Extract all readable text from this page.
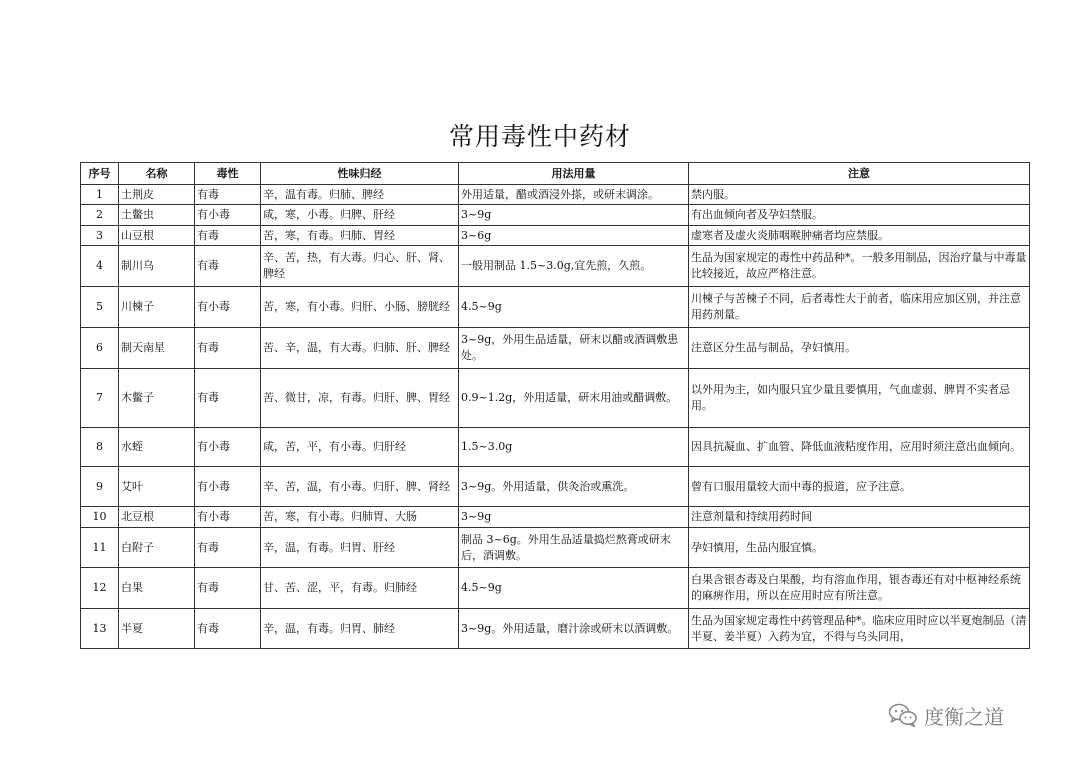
常用毒性中药材
序号	名称	毒性	性味归经	用法用量	注意
1	土荆皮	有毒	辛，温有毒。归肺、脾经	外用适量，醋或酒浸外搽，或研末调涂。	禁内服。
2	土鳖虫	有小毒	咸，寒，小毒。归脾、肝经	3~9g	有出血倾向者及孕妇禁服。
3	山豆根	有毒	苦，寒，有毒。归肺、胃经	3~6g	虚寒者及虚火炎肺咽喉肿痛者均应禁服。
4	制川乌	有毒	辛、苦，热，有大毒。归心、肝、肾、脾经	一般用制品 1.5~3.0g,宜先煎，久煎。	生品为国家规定的毒性中药品种*。一般多用制品，因治疗量与中毒量比较接近，故应严格注意。
5	川楝子	有小毒	苦，寒，有小毒。归肝、小肠、膀胱经	4.5~9g	川楝子与苦楝子不同，后者毒性大于前者，临床用应加区别，并注意用药剂量。
6	制天南星	有毒	苦、辛，温，有大毒。归肺、肝、脾经	3~9g，外用生品适量，研末以醋或酒调敷患处。	注意区分生品与制品，孕妇慎用。
7	木鳖子	有毒	苦、微甘，凉，有毒。归肝、脾、胃经	0.9~1.2g，外用适量，研末用油或醋调敷。	以外用为主，如内服只宜少量且要慎用，气血虚弱、脾胃不实者忌用。
8	水蛭	有小毒	咸，苦，平，有小毒。归肝经	1.5~3.0g	因具抗凝血、扩血管、降低血液粘度作用，应用时须注意出血倾向。
9	艾叶	有小毒	辛、苦，温，有小毒。归肝、脾、肾经	3~9g。外用适量，供灸治或熏洗。	曾有口服用量较大而中毒的报道，应予注意。
10	北豆根	有小毒	苦，寒，有小毒。归肺胃、大肠	3~9g	注意剂量和持续用药时间
11	白附子	有毒	辛，温，有毒。归胃、肝经	制品 3~6g。外用生品适量捣烂熬膏或研末后，酒调敷。	孕妇慎用，生品内服宜慎。
12	白果	有毒	甘、苦、涩，平，有毒。归肺经	4.5~9g	白果含银杏毒及白果酸，均有溶血作用，银杏毒还有对中枢神经系统的麻痹作用，所以在应用时应有所注意。
13	半夏	有毒	辛，温，有毒。归胃、肺经	3~9g。外用适量，磨汁涂或研末以酒调敷。	生品为国家规定毒性中药管理品种*。临床应用时应以半夏炮制品（清半夏、姜半夏）入药为宜，不得与乌头同用，
度衡之道
